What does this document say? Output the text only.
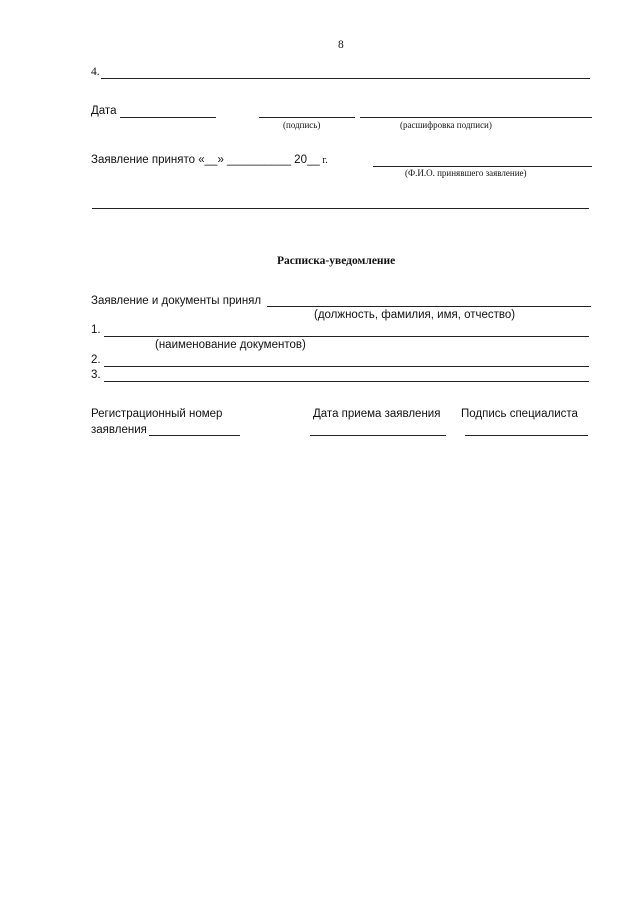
8
4.
Дата
(подпись)	(расшифровка подписи)
Заявление принято «__» __________ 20__ г.
(Ф.И.О. принявшего заявление)
Расписка-уведомление
Заявление и документы принял
(должность, фамилия, имя, отчество)
1.
(наименование документов)
2.
3.
Регистрационный номер
заявления
Дата приема заявления Подпись специалиста
